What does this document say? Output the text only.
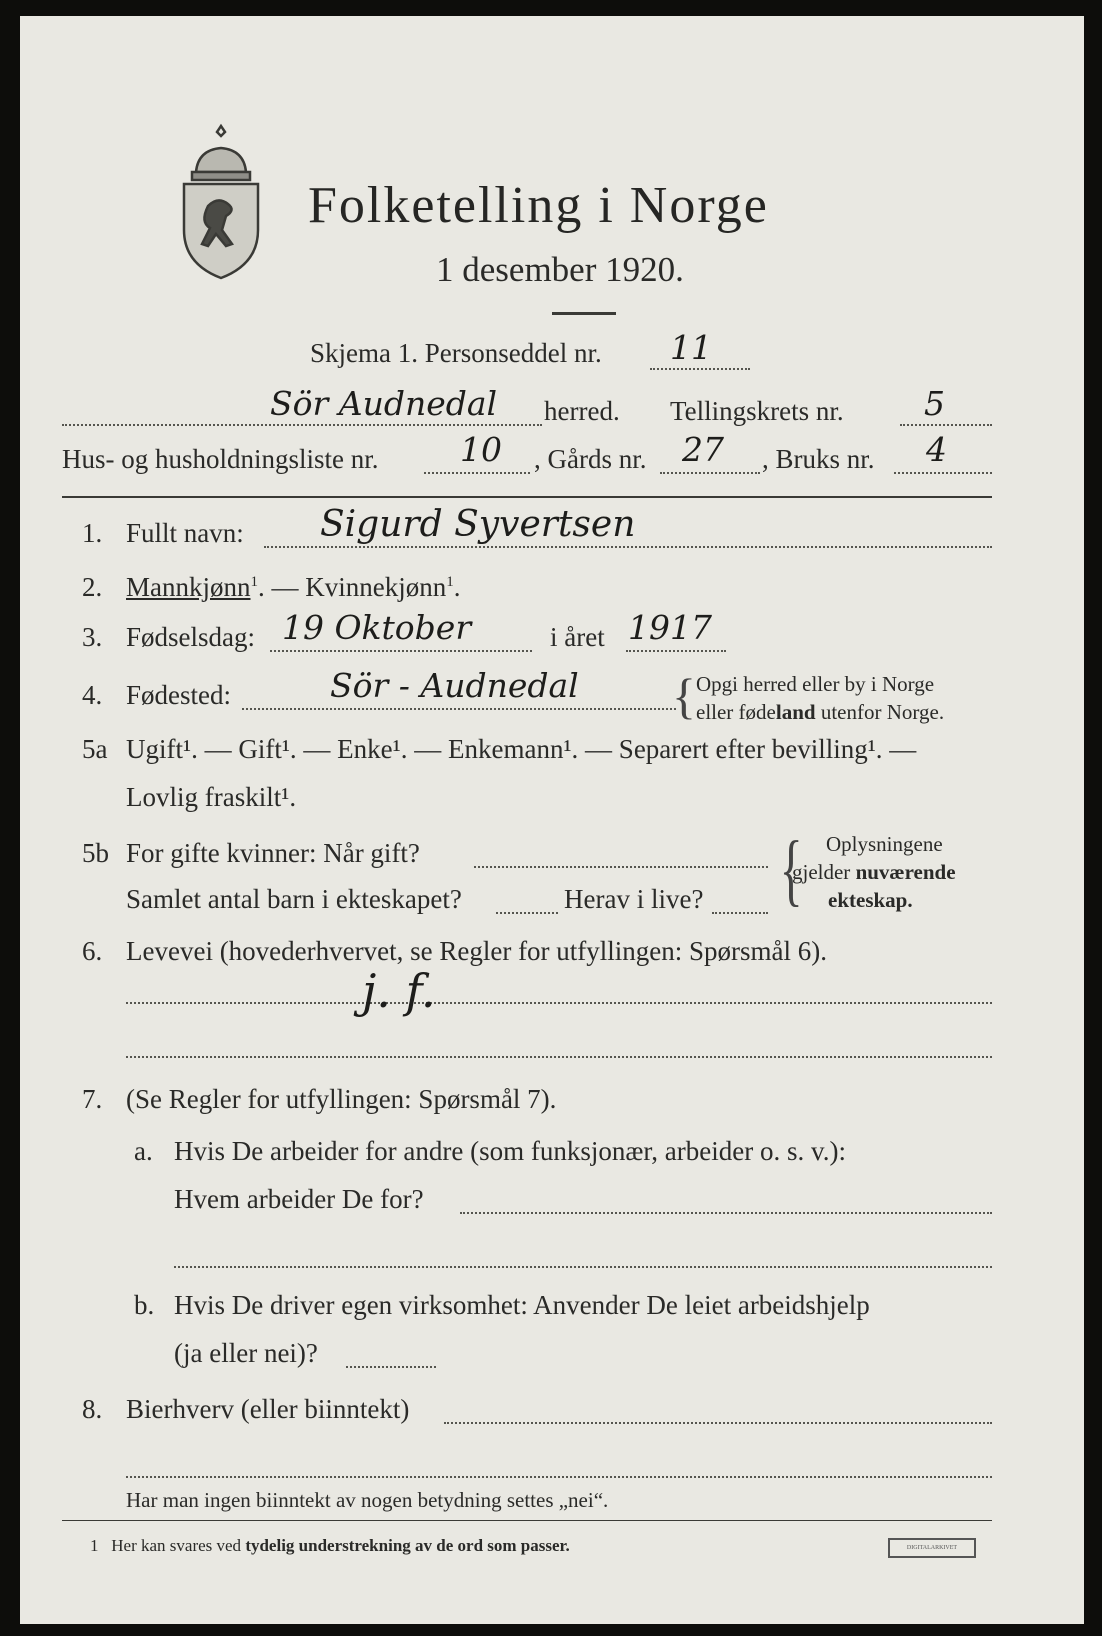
Folketelling i Norge
1 desember 1920.
Skjema 1. Personseddel nr. 11
Sör Audnedal herred. Tellingskrets nr. 5
Hus- og husholdningsliste nr. 10 , Gårds nr. 27 , Bruks nr. 4
1. Fullt navn: Sigurd Syvertsen
2. Mannkjønn$^1$. — Kvinnekjønn$^1$.
3. Fødselsdag: 19 Oktober	i året 1917
4. Fødested:	Sör - Audnedal { Opgi herred eller by i Norge
eller fødeland utenfor Norge.
5a Ugift¹. — Gift¹. — Enke¹. — Enkemann¹. — Separert efter bevilling¹. —
Lovlig fraskilt¹.
5b For gifte kvinner: Når gift?
Samlet antal barn i ekteskapet?	Herav i live? { Oplysningene
gjelder nuværende
ekteskap.
6. Levevei (hovederhvervet, se Regler for utfyllingen: Spørsmål 6).
j. f.
7. (Se Regler for utfyllingen: Spørsmål 7).
a. Hvis De arbeider for andre (som funksjonær, arbeider o. s. v.):
Hvem arbeider De for?
b. Hvis De driver egen virksomhet: Anvender De leiet arbeidshjelp
(ja eller nei)?
8. Bierhverv (eller biinntekt)
Har man ingen biinntekt av nogen betydning settes „nei“.
1 Her kan svares ved tydelig understrekning av de ord som passer.	DIGITALARKIVET
